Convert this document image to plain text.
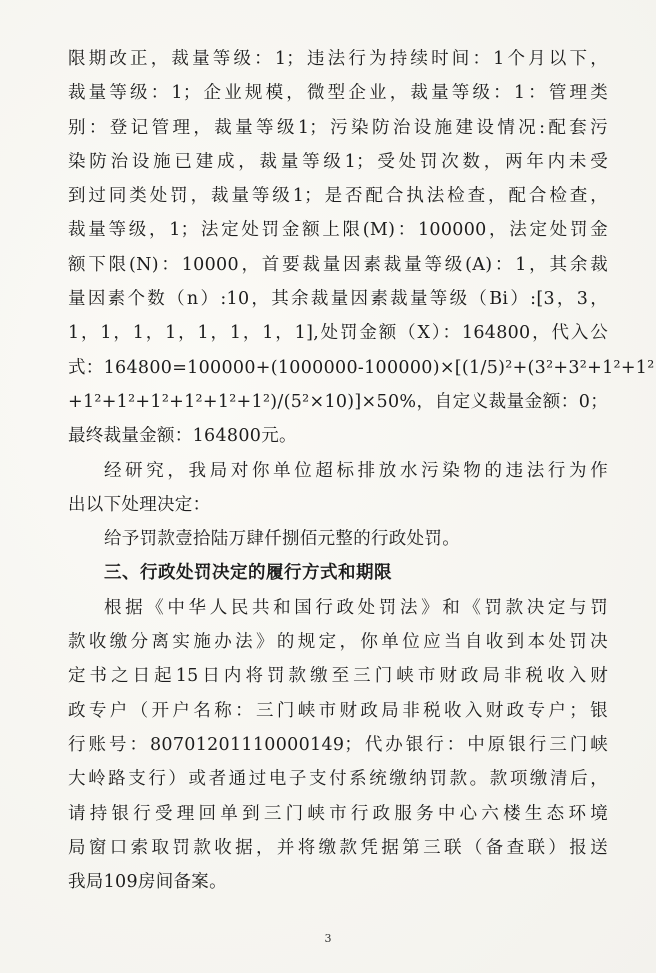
限期改正，裁量等级：1；违法行为持续时间：1个月以下，
裁量等级：1；企业规模，微型企业，裁量等级：1：管理类
别：登记管理，裁量等级1；污染防治设施建设情况:配套污
染防治设施已建成，裁量等级1；受处罚次数，两年内未受
到过同类处罚，裁量等级1；是否配合执法检查，配合检查，
裁量等级，1；法定处罚金额上限(M)：100000，法定处罚金
额下限(N)：10000，首要裁量因素裁量等级(A)：1，其余裁
量因素个数（n）:10，其余裁量因素裁量等级（Bi）:[3，3，
1，1，1，1，1，1，1，1],处罚金额（X）：164800，代入公
式：164800=100000+(1000000-100000)×[(1/5)²+(3²+3²+1²+1²
+1²+1²+1²+1²+1²+1²)/(5²×10)]×50%，自定义裁量金额：0；
最终裁量金额：164800元。
经研究，我局对你单位超标排放水污染物的违法行为作
出以下处理决定：
给予罚款壹拾陆万肆仟捌佰元整的行政处罚。
三、行政处罚决定的履行方式和期限
根据《中华人民共和国行政处罚法》和《罚款决定与罚
款收缴分离实施办法》的规定，你单位应当自收到本处罚决
定书之日起15日内将罚款缴至三门峡市财政局非税收入财
政专户（开户名称：三门峡市财政局非税收入财政专户；银
行账号：80701201110000149；代办银行：中原银行三门峡
大岭路支行）或者通过电子支付系统缴纳罚款。款项缴清后，
请持银行受理回单到三门峡市行政服务中心六楼生态环境
局窗口索取罚款收据，并将缴款凭据第三联（备查联）报送
我局109房间备案。
3
